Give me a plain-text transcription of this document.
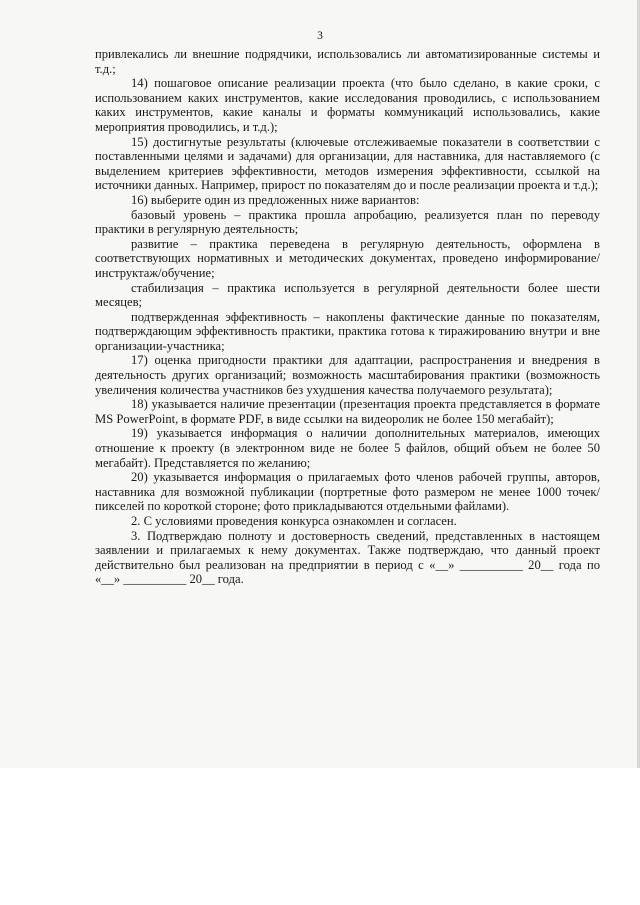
3

привлекались ли внешние подрядчики, использовались ли автоматизированные системы и т.д.;

14) пошаговое описание реализации проекта (что было сделано, в какие сроки, с использованием каких инструментов, какие исследования проводились, с использованием каких инструментов, какие каналы и форматы коммуникаций использовались, какие мероприятия проводились, и т.д.);

15) достигнутые результаты (ключевые отслеживаемые показатели в соответствии с поставленными целями и задачами) для организации, для наставника, для наставляемого (с выделением критериев эффективности, методов измерения эффективности, ссылкой на источники данных. Например, прирост по показателям до и после реализации проекта и т.д.);

16) выберите один из предложенных ниже вариантов:

базовый уровень – практика прошла апробацию, реализуется план по переводу практики в регулярную деятельность;

развитие – практика переведена в регулярную деятельность, оформлена в соответствующих нормативных и методических документах, проведено информирование/инструктаж/обучение;

стабилизация – практика используется в регулярной деятельности более шести месяцев;

подтвержденная эффективность – накоплены фактические данные по показателям, подтверждающим эффективность практики, практика готова к тиражированию внутри и вне организации-участника;

17) оценка пригодности практики для адаптации, распространения и внедрения в деятельность других организаций; возможность масштабирования практики (возможность увеличения количества участников без ухудшения качества получаемого результата);

18) указывается наличие презентации (презентация проекта представляется в формате MS PowerPoint, в формате PDF, в виде ссылки на видеоролик не более 150 мегабайт);

19) указывается информация о наличии дополнительных материалов, имеющих отношение к проекту (в электронном виде не более 5 файлов, общий объем не более 50 мегабайт). Представляется по желанию;

20) указывается информация о прилагаемых фото членов рабочей группы, авторов, наставника для возможной публикации (портретные фото размером не менее 1000 точек/пикселей по короткой стороне; фото прикладываются отдельными файлами).

2. С условиями проведения конкурса ознакомлен и согласен.

3. Подтверждаю полноту и достоверность сведений, представленных в настоящем заявлении и прилагаемых к нему документах. Также подтверждаю, что данный проект действительно был реализован на предприятии в период с «__» __________ 20__ года по «__» __________ 20__ года.
